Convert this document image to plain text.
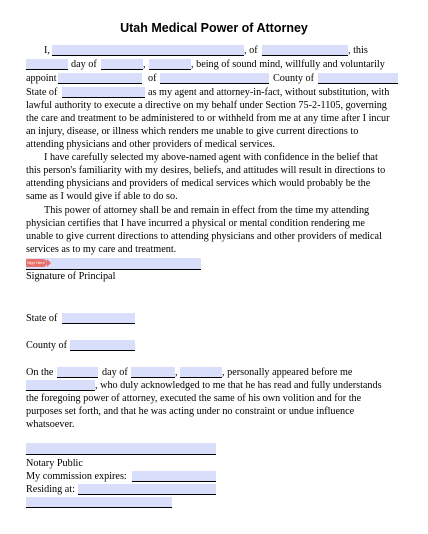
Utah Medical Power of Attorney
I,	, of	, this
day of	,	, being of sound mind, willfully and voluntarily
appoint	of	County of
State of	as my agent and attorney-in-fact, without substitution, with
lawful authority to execute a directive on my behalf under Section 75-2-1105, governing
the care and treatment to be administered to or withheld from me at any time after I incur
an injury, disease, or illness which renders me unable to give current directions to
attending physicians and other providers of medical services.
I have carefully selected my above-named agent with confidence in the belief that
this person's familiarity with my desires, beliefs, and attitudes will result in directions to
attending physicians and providers of medical services which would probably be the
same as I would give if able to do so.
This power of attorney shall be and remain in effect from the time my attending
physician certifies that I have incurred a physical or mental condition rendering me
unable to give current directions to attending physicians and other providers of medical
services as to my care and treatment.
Sign Here
Signature of Principal
State of
County of
On the	day of	,	, personally appeared before me
, who duly acknowledged to me that he has read and fully understands
the foregoing power of attorney, executed the same of his own volition and for the
purposes set forth, and that he was acting under no constraint or undue influence
whatsoever.
Notary Public
My commission expires:
Residing at:
